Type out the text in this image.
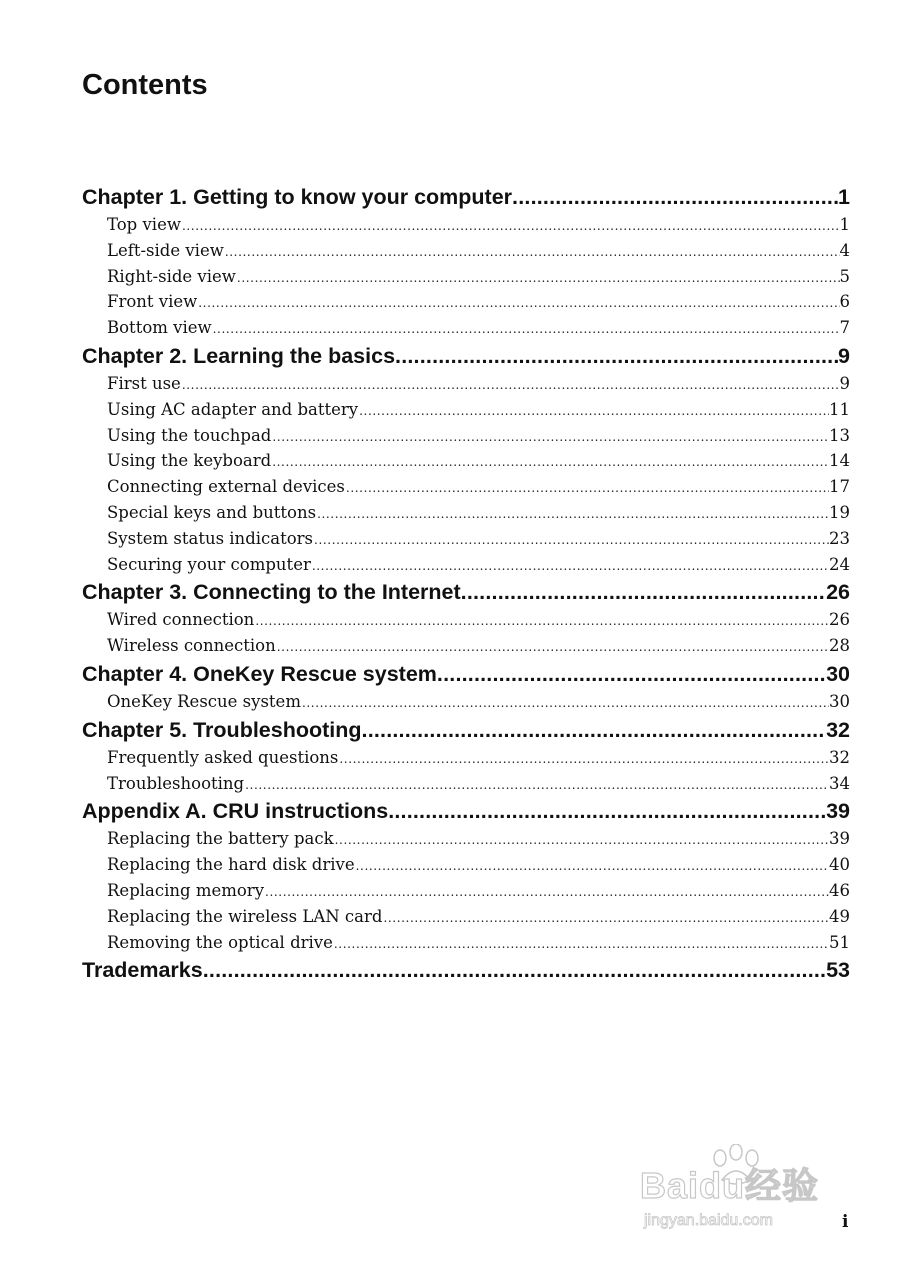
Contents
Chapter 1. Getting to know your computer .....	1
Top view .....	1
Left-side view .....	4
Right-side view .....	5
Front view .....	6
Bottom view .....	7
Chapter 2. Learning the basics .....	9
First use .....	9
Using AC adapter and battery .....	11
Using the touchpad .....	13
Using the keyboard .....	14
Connecting external devices .....	17
Special keys and buttons .....	19
System status indicators .....	23
Securing your computer .....	24
Chapter 3. Connecting to the Internet .....	26
Wired connection .....	26
Wireless connection .....	28
Chapter 4. OneKey Rescue system .....	30
OneKey Rescue system .....	30
Chapter 5. Troubleshooting .....	32
Frequently asked questions .....	32
Troubleshooting .....	34
Appendix A. CRU instructions .....	39
Replacing the battery pack .....	39
Replacing the hard disk drive .....	40
Replacing memory .....	46
Replacing the wireless LAN card .....	49
Removing the optical drive .....	51
Trademarks .....	53
Baidu经验
jingyan.baidu.com	i
